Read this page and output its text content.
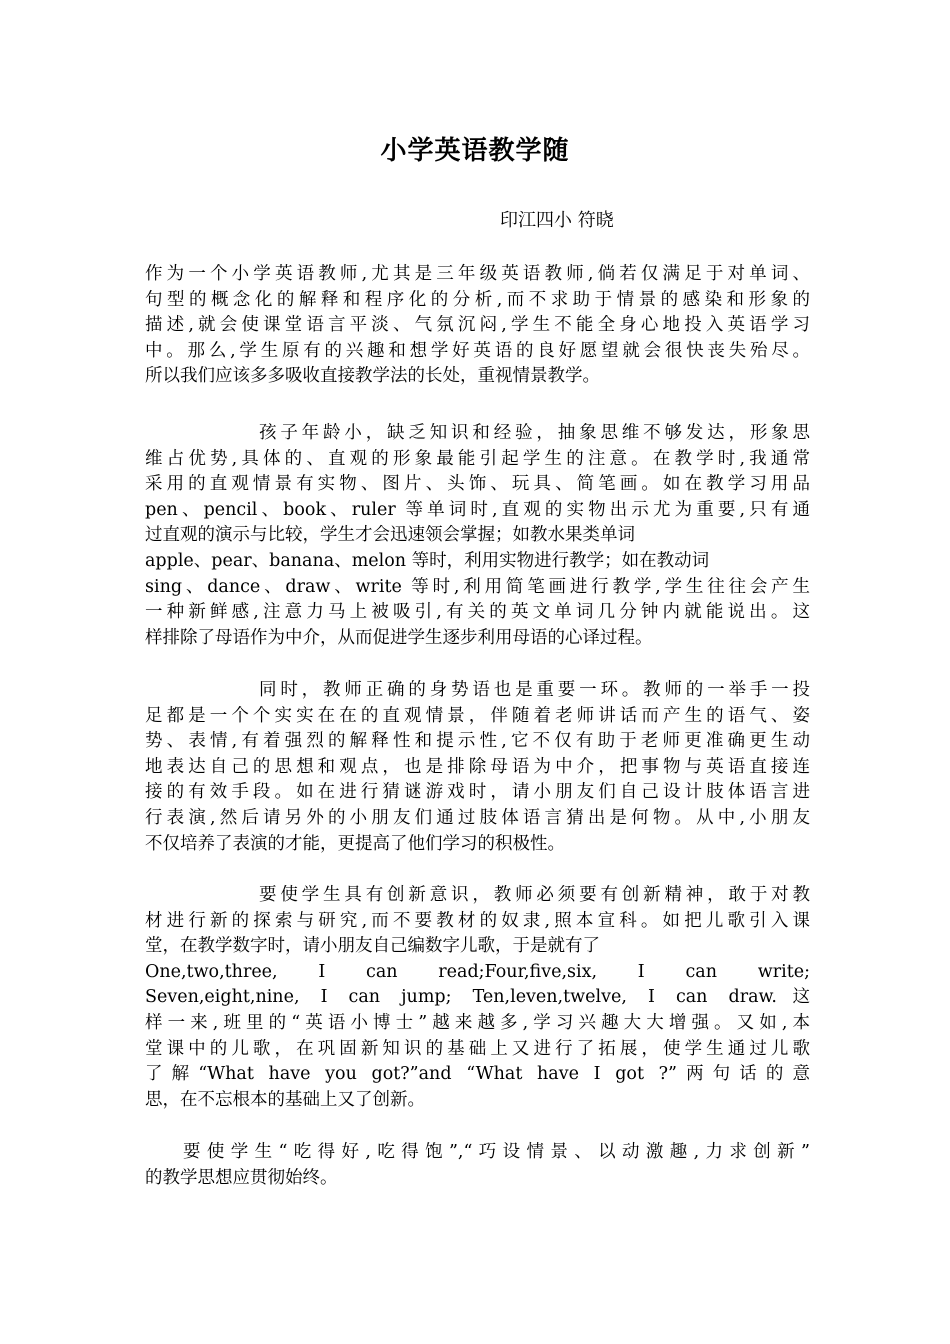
小学英语教学随
印江四小 符晓
作为一个小学英语教师,尤其是三年级英语教师,倘若仅满足于对单词、
句型的概念化的解释和程序化的分析,而不求助于情景的感染和形象的
描述,就会使课堂语言平淡、气氛沉闷,学生不能全身心地投入英语学习
中。那么,学生原有的兴趣和想学好英语的良好愿望就会很快丧失殆尽。
所以我们应该多多吸收直接教学法的长处，重视情景教学。
孩子年龄小，缺乏知识和经验，抽象思维不够发达，形象思
维占优势,具体的、直观的形象最能引起学生的注意。在教学时,我通常
采用的直观情景有实物、图片、头饰、玩具、简笔画。如在教学习用品
pen、pencil、book、ruler 等单词时,直观的实物出示尤为重要,只有通
过直观的演示与比较，学生才会迅速领会掌握；如教水果类单词
apple、pear、banana、melon 等时，利用实物进行教学；如在教动词
sing、dance、draw、write 等时,利用简笔画进行教学,学生往往会产生
一种新鲜感,注意力马上被吸引,有关的英文单词几分钟内就能说出。这
样排除了母语作为中介，从而促进学生逐步利用母语的心译过程。
同时，教师正确的身势语也是重要一环。教师的一举手一投
足都是一个个实实在在的直观情景，伴随着老师讲话而产生的语气、姿
势、表情,有着强烈的解释性和提示性,它不仅有助于老师更准确更生动
地表达自己的思想和观点，也是排除母语为中介，把事物与英语直接连
接的有效手段。如在进行猜谜游戏时，请小朋友们自己设计肢体语言进
行表演,然后请另外的小朋友们通过肢体语言猜出是何物。从中,小朋友
不仅培养了表演的才能，更提高了他们学习的积极性。
要使学生具有创新意识，教师必须要有创新精神，敢于对教
材进行新的探索与研究,而不要教材的奴隶,照本宣科。如把儿歌引入课
堂，在教学数字时，请小朋友自己编数字儿歌，于是就有了
One,two,three, I can read;Four,five,six, I can write;
Seven,eight,nine, I can jump; Ten,leven,twelve, I can draw.这
样一来,班里的“英语小博士”越来越多,学习兴趣大大增强。又如,本
堂课中的儿歌，在巩固新知识的基础上又进行了拓展，使学生通过儿歌
了解“What have you got?”and “What have I got ?”两句话的意
思，在不忘根本的基础上又了创新。
要使学生“吃得好,吃得饱”,“巧设情景、以动激趣,力求创新”
的教学思想应贯彻始终。
